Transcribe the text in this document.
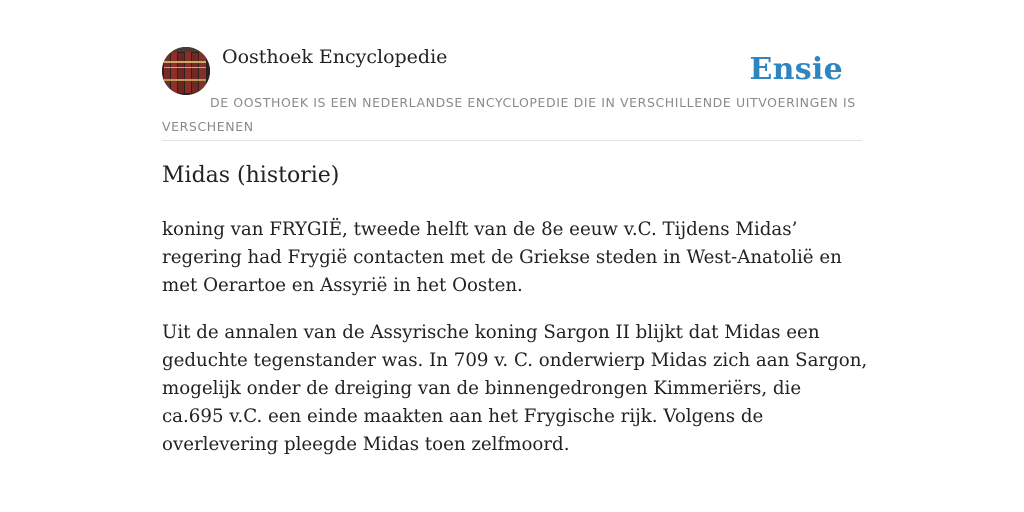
Oosthoek Encyclopedie	Ensie
DE OOSTHOEK IS EEN NEDERLANDSE ENCYCLOPEDIE DIE IN VERSCHILLENDE UITVOERINGEN IS VERSCHENEN
Midas (historie)

koning van FRYGIË, tweede helft van de 8e eeuw v.C. Tijdens Midas’ regering had Frygië contacten met de Griekse steden in West-Anatolië en met Oerartoe en Assyrië in het Oosten.

Uit de annalen van de Assyrische koning Sargon II blijkt dat Midas een geduchte tegenstander was. In 709 v. C. onderwierp Midas zich aan Sargon, mogelijk onder de dreiging van de binnengedrongen Kimmeriërs, die ca.695 v.C. een einde maakten aan het Frygische rijk. Volgens de overlevering pleegde Midas toen zelfmoord.
